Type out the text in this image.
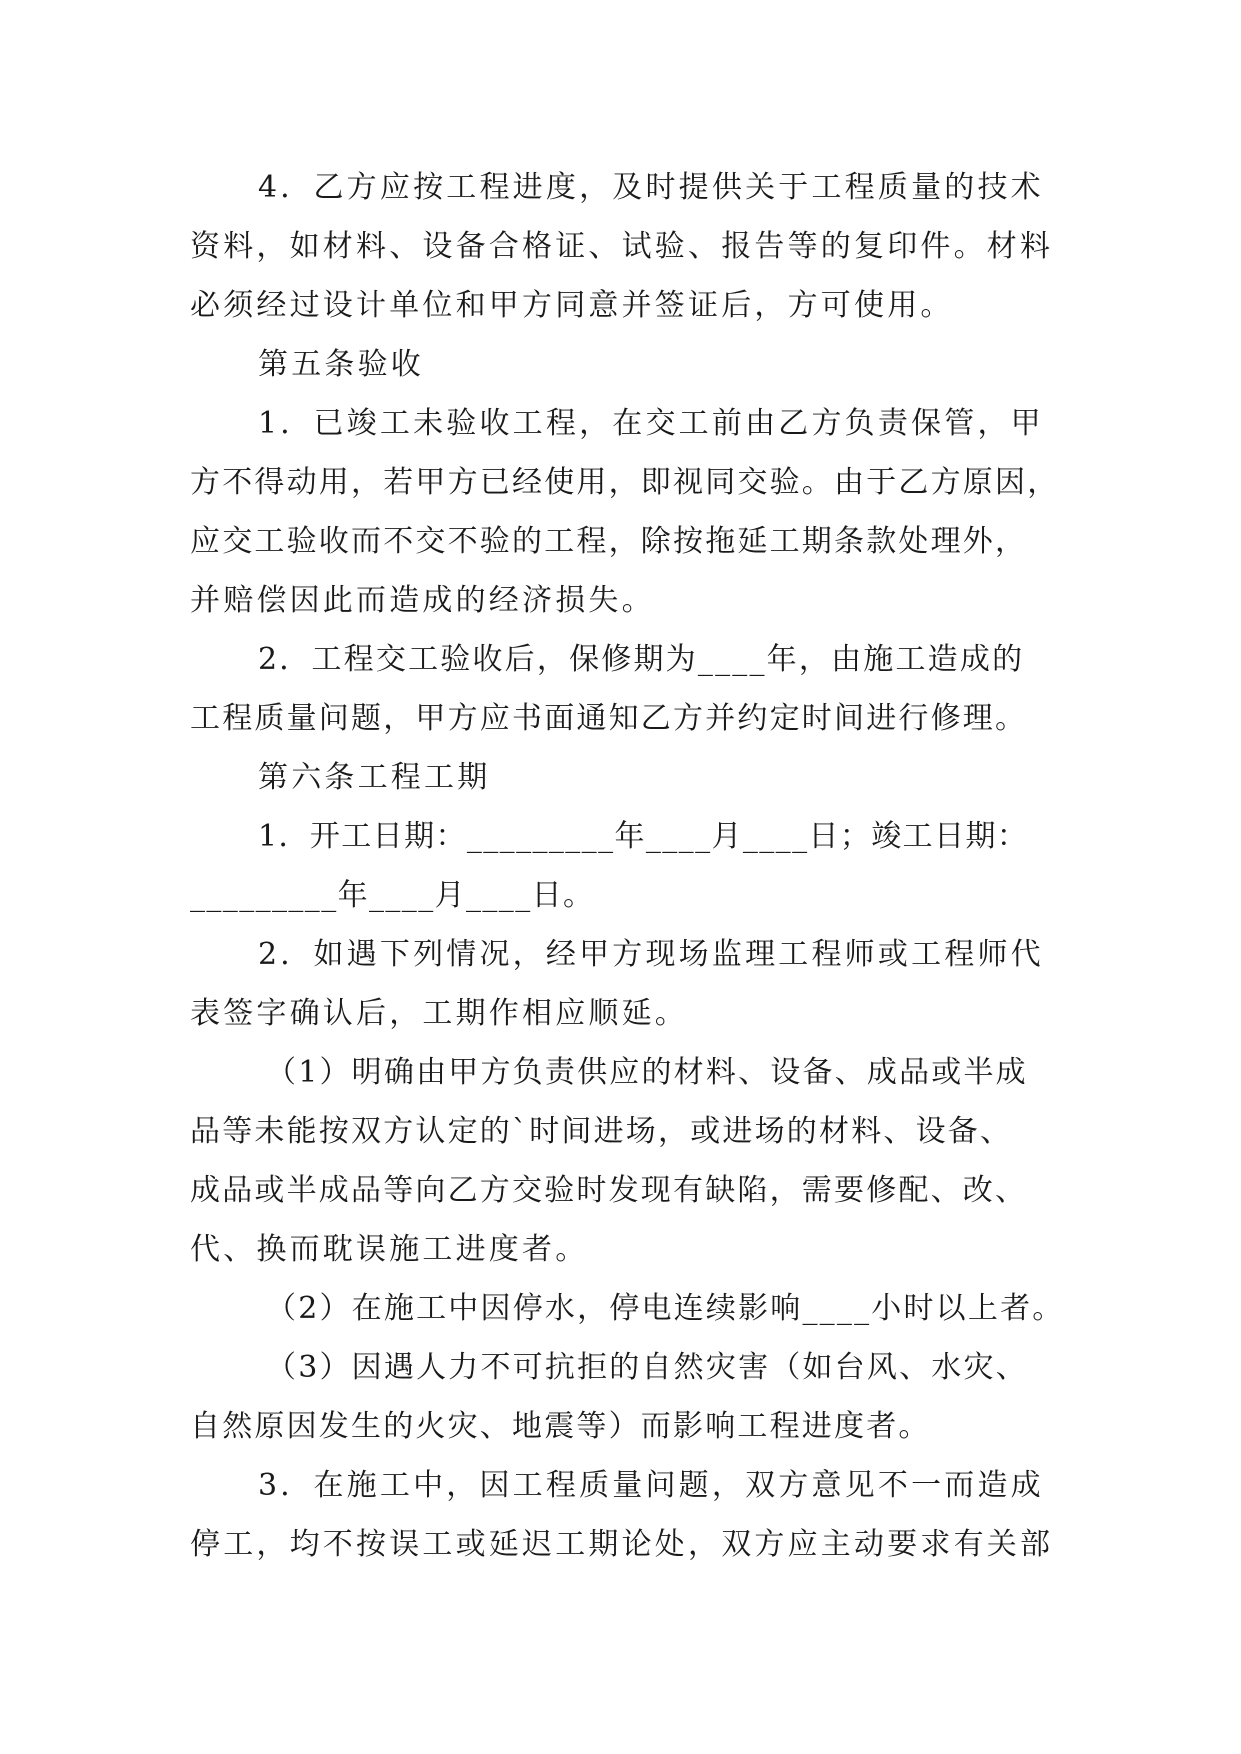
4．乙方应按工程进度，及时提供关于工程质量的技术
资料，如材料、设备合格证、试验、报告等的复印件。材料
必须经过设计单位和甲方同意并签证后，方可使用。
第五条验收
1．已竣工未验收工程，在交工前由乙方负责保管，甲
方不得动用，若甲方已经使用，即视同交验。由于乙方原因，
应交工验收而不交不验的工程，除按拖延工期条款处理外，
并赔偿因此而造成的经济损失。
2．工程交工验收后，保修期为____年，由施工造成的
工程质量问题，甲方应书面通知乙方并约定时间进行修理。
第六条工程工期
1．开工日期：_________年____月____日；竣工日期：
_________年____月____日。
2．如遇下列情况，经甲方现场监理工程师或工程师代
表签字确认后，工期作相应顺延。
（1）明确由甲方负责供应的材料、设备、成品或半成
品等未能按双方认定的`时间进场，或进场的材料、设备、
成品或半成品等向乙方交验时发现有缺陷，需要修配、改、
代、换而耽误施工进度者。
（2）在施工中因停水，停电连续影响____小时以上者。
（3）因遇人力不可抗拒的自然灾害（如台风、水灾、
自然原因发生的火灾、地震等）而影响工程进度者。
3．在施工中，因工程质量问题，双方意见不一而造成
停工，均不按误工或延迟工期论处，双方应主动要求有关部
